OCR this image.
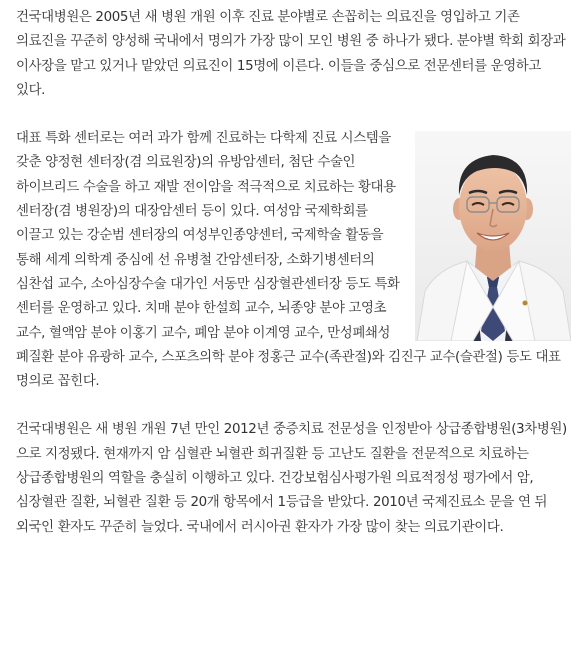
건국대병원은 2005년 새 병원 개원 이후 진료 분야별로 손꼽히는 의료진을 영입하고 기존 의료진을 꾸준히 양성해 국내에서 명의가 가장 많이 모인 병원 중 하나가 됐다. 분야별 학회 회장과 이사장을 맡고 있거나 맡았던 의료진이 15명에 이른다. 이들을 중심으로 전문센터를 운영하고 있다.

대표 특화 센터로는 여러 과가 함께 진료하는 다학제 진료 시스템을 갖춘 양정현 센터장(겸 의료원장)의 유방암센터, 첨단 수술인 하이브리드 수술을 하고 재발 전이암을 적극적으로 치료하는 황대용 센터장(겸 병원장)의 대장암센터 등이 있다. 여성암 국제학회를 이끌고 있는 강순범 센터장의 여성부인종양센터, 국제학술 활동을 통해 세계 의학계 중심에 선 유병철 간암센터장, 소화기병센터의 심찬섭 교수, 소아심장수술 대가인 서동만 심장혈관센터장 등도 특화 센터를 운영하고 있다. 치매 분야 한설희 교수, 뇌종양 분야 고영초 교수, 혈액암 분야 이홍기 교수, 폐암 분야 이계영 교수, 만성폐쇄성 폐질환 분야 유광하 교수, 스포츠의학 분야 정홍근 교수(족관절)와 김진구 교수(슬관절) 등도 대표 명의로 꼽힌다.

건국대병원은 새 병원 개원 7년 만인 2012년 중증치료 전문성을 인정받아 상급종합병원(3차병원)으로 지정됐다. 현재까지 암 심혈관 뇌혈관 희귀질환 등 고난도 질환을 전문적으로 치료하는 상급종합병원의 역할을 충실히 이행하고 있다. 건강보험심사평가원 의료적정성 평가에서 암, 심장혈관 질환, 뇌혈관 질환 등 20개 항목에서 1등급을 받았다. 2010년 국제진료소 문을 연 뒤 외국인 환자도 꾸준히 늘었다. 국내에서 러시아권 환자가 가장 많이 찾는 의료기관이다.
